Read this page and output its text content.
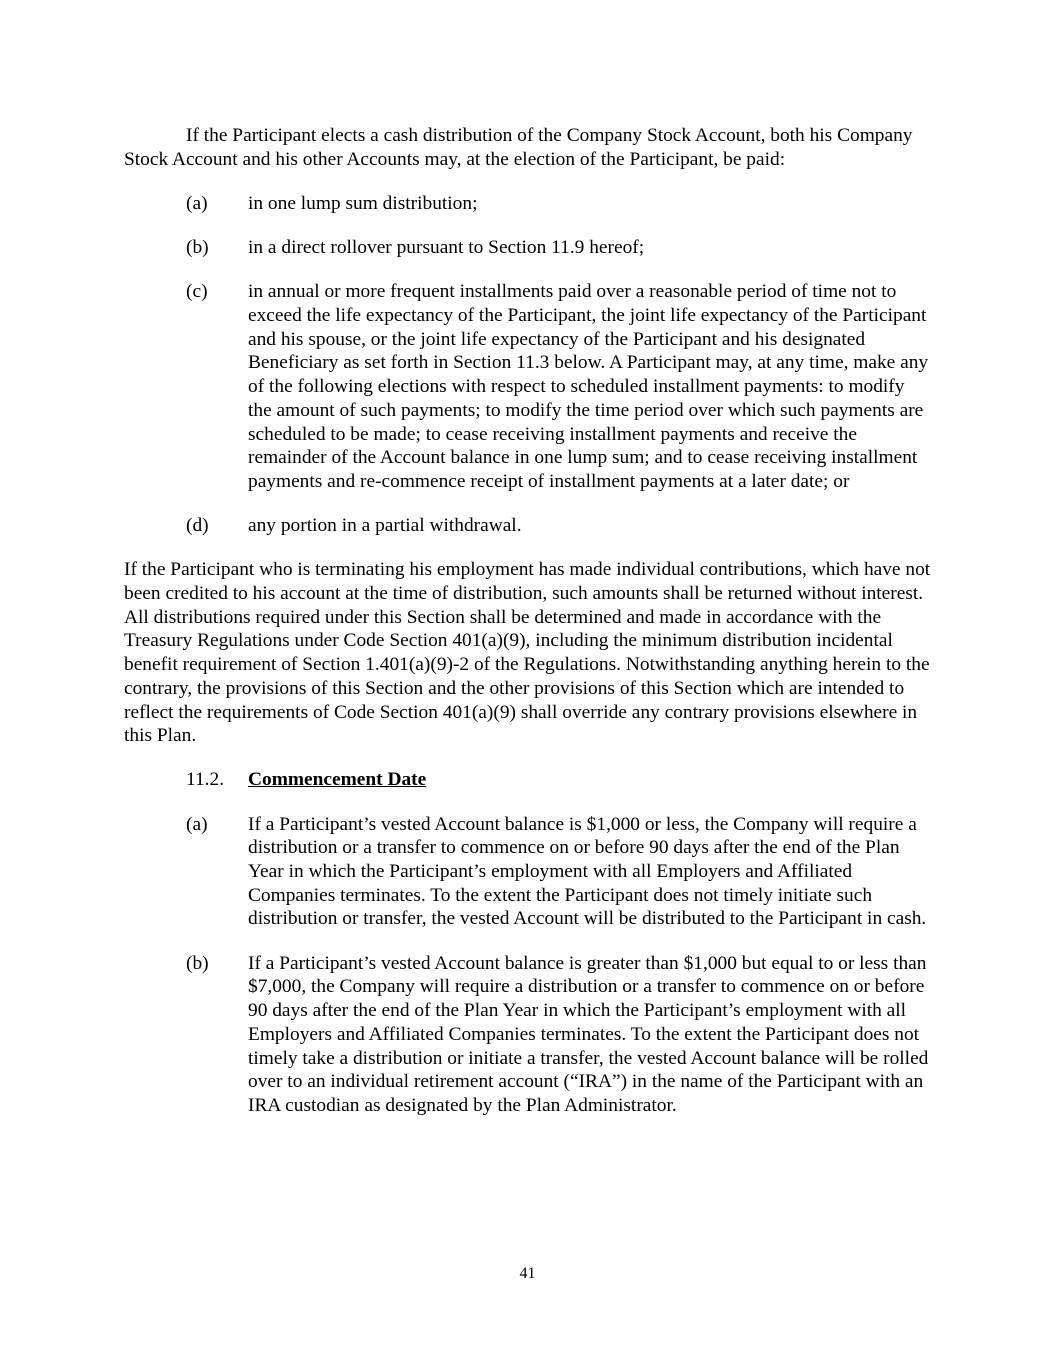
If the Participant elects a cash distribution of the Company Stock Account, both his Company Stock Account and his other Accounts may, at the election of the Participant, be paid:

(a) in one lump sum distribution;
(b) in a direct rollover pursuant to Section 11.9 hereof;
(c) in annual or more frequent installments paid over a reasonable period of time not to exceed the life expectancy of the Participant, the joint life expectancy of the Participant and his spouse, or the joint life expectancy of the Participant and his designated Beneficiary as set forth in Section 11.3 below. A Participant may, at any time, make any of the following elections with respect to scheduled installment payments: to modify the amount of such payments; to modify the time period over which such payments are scheduled to be made; to cease receiving installment payments and receive the remainder of the Account balance in one lump sum; and to cease receiving installment payments and re-commence receipt of installment payments at a later date; or
(d) any portion in a partial withdrawal.

If the Participant who is terminating his employment has made individual contributions, which have not been credited to his account at the time of distribution, such amounts shall be returned without interest. All distributions required under this Section shall be determined and made in accordance with the Treasury Regulations under Code Section 401(a)(9), including the minimum distribution incidental benefit requirement of Section 1.401(a)(9)-2 of the Regulations. Notwithstanding anything herein to the contrary, the provisions of this Section and the other provisions of this Section which are intended to reflect the requirements of Code Section 401(a)(9) shall override any contrary provisions elsewhere in this Plan.

11.2. Commencement Date
(a) If a Participant’s vested Account balance is $1,000 or less, the Company will require a distribution or a transfer to commence on or before 90 days after the end of the Plan Year in which the Participant’s employment with all Employers and Affiliated Companies terminates. To the extent the Participant does not timely initiate such distribution or transfer, the vested Account will be distributed to the Participant in cash.
(b) If a Participant’s vested Account balance is greater than $1,000 but equal to or less than $7,000, the Company will require a distribution or a transfer to commence on or before 90 days after the end of the Plan Year in which the Participant’s employment with all Employers and Affiliated Companies terminates. To the extent the Participant does not timely take a distribution or initiate a transfer, the vested Account balance will be rolled over to an individual retirement account (“IRA”) in the name of the Participant with an IRA custodian as designated by the Plan Administrator.
41
